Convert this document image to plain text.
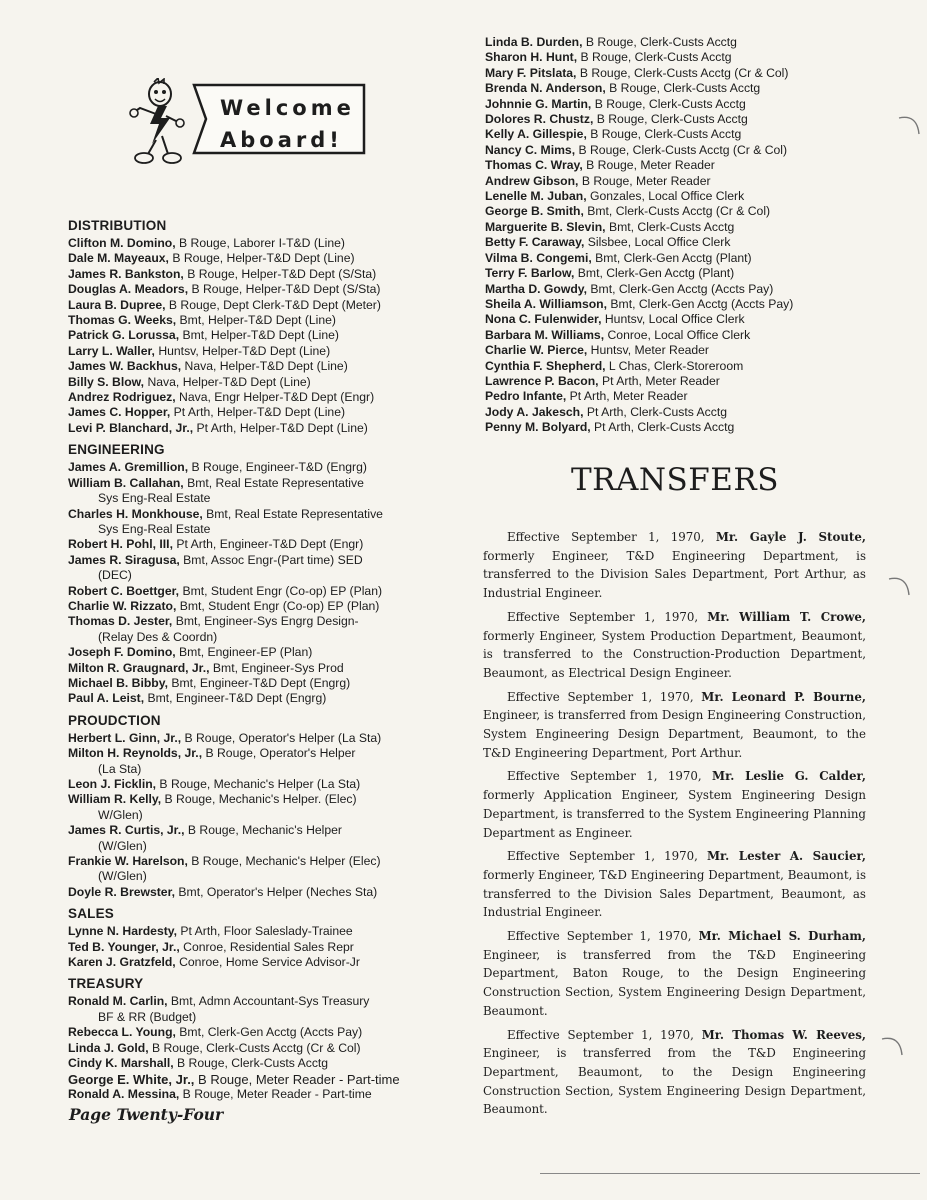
Welcome
Aboard!
DISTRIBUTION
Clifton M. Domino, B Rouge, Laborer I-T&D (Line)
Dale M. Mayeaux, B Rouge, Helper-T&D Dept (Line)
James R. Bankston, B Rouge, Helper-T&D Dept (S/Sta)
Douglas A. Meadors, B Rouge, Helper-T&D Dept (S/Sta)
Laura B. Dupree, B Rouge, Dept Clerk-T&D Dept (Meter)
Thomas G. Weeks, Bmt, Helper-T&D Dept (Line)
Patrick G. Lorussa, Bmt, Helper-T&D Dept (Line)
Larry L. Waller, Huntsv, Helper-T&D Dept (Line)
James W. Backhus, Nava, Helper-T&D Dept (Line)
Billy S. Blow, Nava, Helper-T&D Dept (Line)
Andrez Rodriguez, Nava, Engr Helper-T&D Dept (Engr)
James C. Hopper, Pt Arth, Helper-T&D Dept (Line)
Levi P. Blanchard, Jr., Pt Arth, Helper-T&D Dept (Line)
ENGINEERING
James A. Gremillion, B Rouge, Engineer-T&D (Engrg)
William B. Callahan, Bmt, Real Estate Representative
Sys Eng-Real Estate
Charles H. Monkhouse, Bmt, Real Estate Representative
Sys Eng-Real Estate
Robert H. Pohl, III, Pt Arth, Engineer-T&D Dept (Engr)
James R. Siragusa, Bmt, Assoc Engr-(Part time) SED
(DEC)
Robert C. Boettger, Bmt, Student Engr (Co-op) EP (Plan)
Charlie W. Rizzato, Bmt, Student Engr (Co-op) EP (Plan)
Thomas D. Jester, Bmt, Engineer-Sys Engrg Design-
(Relay Des & Coordn)
Joseph F. Domino, Bmt, Engineer-EP (Plan)
Milton R. Graugnard, Jr., Bmt, Engineer-Sys Prod
Michael B. Bibby, Bmt, Engineer-T&D Dept (Engrg)
Paul A. Leist, Bmt, Engineer-T&D Dept (Engrg)
PROUDCTION
Herbert L. Ginn, Jr., B Rouge, Operator's Helper (La Sta)
Milton H. Reynolds, Jr., B Rouge, Operator's Helper
(La Sta)
Leon J. Ficklin, B Rouge, Mechanic's Helper (La Sta)
William R. Kelly, B Rouge, Mechanic's Helper. (Elec)
W/Glen)
James R. Curtis, Jr., B Rouge, Mechanic's Helper
(W/Glen)
Frankie W. Harelson, B Rouge, Mechanic's Helper (Elec)
(W/Glen)
Doyle R. Brewster, Bmt, Operator's Helper (Neches Sta)
SALES
Lynne N. Hardesty, Pt Arth, Floor Saleslady-Trainee
Ted B. Younger, Jr., Conroe, Residential Sales Repr
Karen J. Gratzfeld, Conroe, Home Service Advisor-Jr
TREASURY
Ronald M. Carlin, Bmt, Admn Accountant-Sys Treasury
BF & RR (Budget)
Rebecca L. Young, Bmt, Clerk-Gen Acctg (Accts Pay)
Linda J. Gold, B Rouge, Clerk-Custs Acctg (Cr & Col)
Cindy K. Marshall, B Rouge, Clerk-Custs Acctg
George E. White, Jr., B Rouge, Meter Reader - Part-time
Ronald A. Messina, B Rouge, Meter Reader - Part-time
Linda B. Durden, B Rouge, Clerk-Custs Acctg
Sharon H. Hunt, B Rouge, Clerk-Custs Acctg
Mary F. Pitslata, B Rouge, Clerk-Custs Acctg (Cr & Col)
Brenda N. Anderson, B Rouge, Clerk-Custs Acctg
Johnnie G. Martin, B Rouge, Clerk-Custs Acctg
Dolores R. Chustz, B Rouge, Clerk-Custs Acctg
Kelly A. Gillespie, B Rouge, Clerk-Custs Acctg
Nancy C. Mims, B Rouge, Clerk-Custs Acctg (Cr & Col)
Thomas C. Wray, B Rouge, Meter Reader
Andrew Gibson, B Rouge, Meter Reader
Lenelle M. Juban, Gonzales, Local Office Clerk
George B. Smith, Bmt, Clerk-Custs Acctg (Cr & Col)
Marguerite B. Slevin, Bmt, Clerk-Custs Acctg
Betty F. Caraway, Silsbee, Local Office Clerk
Vilma B. Congemi, Bmt, Clerk-Gen Acctg (Plant)
Terry F. Barlow, Bmt, Clerk-Gen Acctg (Plant)
Martha D. Gowdy, Bmt, Clerk-Gen Acctg (Accts Pay)
Sheila A. Williamson, Bmt, Clerk-Gen Acctg (Accts Pay)
Nona C. Fulenwider, Huntsv, Local Office Clerk
Barbara M. Williams, Conroe, Local Office Clerk
Charlie W. Pierce, Huntsv, Meter Reader
Cynthia F. Shepherd, L Chas, Clerk-Storeroom
Lawrence P. Bacon, Pt Arth, Meter Reader
Pedro Infante, Pt Arth, Meter Reader
Jody A. Jakesch, Pt Arth, Clerk-Custs Acctg
Penny M. Bolyard, Pt Arth, Clerk-Custs Acctg
TRANSFERS

Effective September 1, 1970, Mr. Gayle J. Stoute, formerly Engineer, T&D Engineering Department, is transferred to the Division Sales Department, Port Arthur, as Industrial Engineer.

Effective September 1, 1970, Mr. William T. Crowe, formerly Engineer, System Production Department, Beaumont, is transferred to the Construction-Production Department, Beaumont, as Electrical Design Engineer.

Effective September 1, 1970, Mr. Leonard P. Bourne, Engineer, is transferred from Design Engineering Construction, System Engineering Design Department, Beaumont, to the T&D Engineering Department, Port Arthur.

Effective September 1, 1970, Mr. Leslie G. Calder, formerly Application Engineer, System Engineering Design Department, is transferred to the System Engineering Planning Department as Engineer.

Effective September 1, 1970, Mr. Lester A. Saucier, formerly Engineer, T&D Engineering Department, Beaumont, is transferred to the Division Sales Department, Beaumont, as Industrial Engineer.

Effective September 1, 1970, Mr. Michael S. Durham, Engineer, is transferred from the T&D Engineering Department, Baton Rouge, to the Design Engineering Construction Section, System Engineering Design Department, Beaumont.

Effective September 1, 1970, Mr. Thomas W. Reeves, Engineer, is transferred from the T&D Engineering Department, Beaumont, to the Design Engineering Construction Section, System Engineering Design Department, Beaumont.

Page Twenty-Four
